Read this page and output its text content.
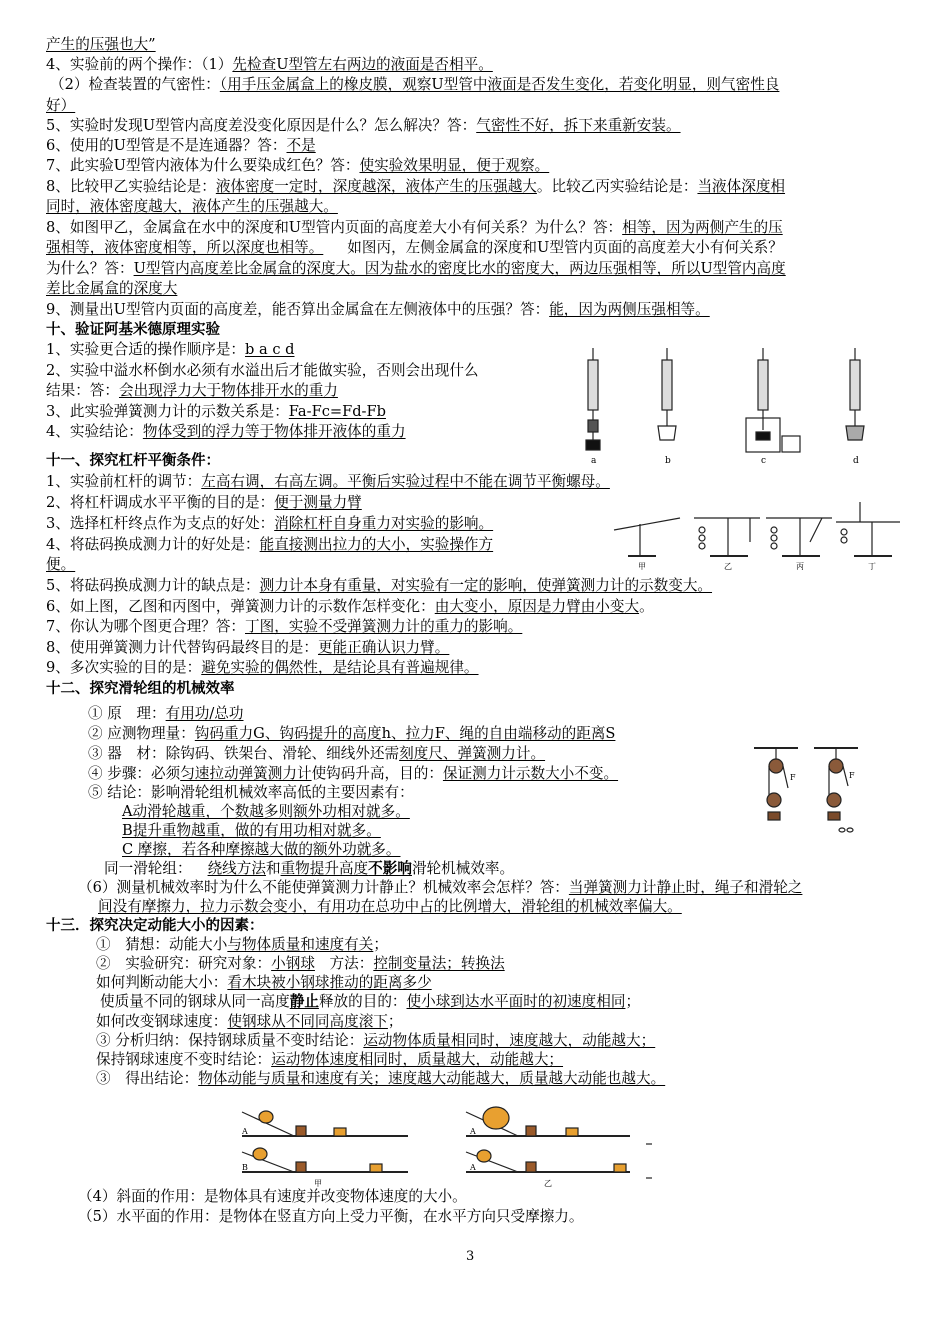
产生的压强也大”
4、实验前的两个操作：（1）先检查U型管左右两边的液面是否相平。
（2）检查装置的气密性：（用手压金属盒上的橡皮膜，观察U型管中液面是否发生变化，若变化明显，则气密性良
好）
5、实验时发现U型管内高度差没变化原因是什么？怎么解决？答：气密性不好，拆下来重新安装。
6、使用的U型管是不是连通器？答：不是
7、此实验U型管内液体为什么要染成红色？答：使实验效果明显，便于观察。
8、比较甲乙实验结论是：液体密度一定时，深度越深，液体产生的压强越大。比较乙丙实验结论是：当液体深度相
同时，液体密度越大，液体产生的压强越大。
8、如图甲乙，金属盒在水中的深度和U型管内页面的高度差大小有何关系？为什么？答：相等，因为两侧产生的压
强相等，液体密度相等，所以深度也相等。 如图丙，左侧金属盒的深度和U型管内页面的高度差大小有何关系？
为什么？答：U型管内高度差比金属盒的深度大。因为盐水的密度比水的密度大，两边压强相等，所以U型管内高度
差比金属盒的深度大
9、测量出U型管内页面的高度差，能否算出金属盒在左侧液体中的压强？答：能，因为两侧压强相等。
十、验证阿基米德原理实验
1、实验更合适的操作顺序是：b a c d
2、实验中溢水杯倒水必须有水溢出后才能做实验，否则会出现什么
结果：答：会出现浮力大于物体排开水的重力
3、此实验弹簧测力计的示数关系是：Fa-Fc=Fd-Fb
4、实验结论：物体受到的浮力等于物体排开液体的重力
a	b	c	d
十一、探究杠杆平衡条件：
1、实验前杠杆的调节：左高右调，右高左调。平衡后实验过程中不能在调节平衡螺母。
2、将杠杆调成水平平衡的目的是：便于测量力臂
3、选择杠杆终点作为支点的好处：消除杠杆自身重力对实验的影响。
4、将砝码换成测力计的好处是：能直接测出拉力的大小，实验操作方
便。	甲	乙	丙	丁
5、将砝码换成测力计的缺点是：测力计本身有重量，对实验有一定的影响，使弹簧测力计的示数变大。
6、如上图，乙图和丙图中，弹簧测力计的示数作怎样变化：由大变小，原因是力臂由小变大。
7、你认为哪个图更合理？答：丁图，实验不受弹簧测力计的重力的影响。
8、使用弹簧测力计代替钩码最终目的是：更能正确认识力臂。
9、多次实验的目的是：避免实验的偶然性，是结论具有普遍规律。
十二、探究滑轮组的机械效率
① 原　理：有用功/总功
② 应测物理量：钩码重力G、钩码提升的高度h、拉力F、绳的自由端移动的距离S
③ 器　材：除钩码、铁架台、滑轮、细线外还需刻度尺、弹簧测力计。
④ 步骤：必须匀速拉动弹簧测力计使钩码升高，目的：保证测力计示数大小不变。
⑤ 结论：影响滑轮组机械效率高低的主要因素有：
A动滑轮越重，个数越多则额外功相对就多。
B提升重物越重，做的有用功相对就多。
C 摩擦，若各种摩擦越大做的额外功就多。
同一滑轮组： 绕线方法和重物提升高度不影响滑轮机械效率。
F	F
（6）测量机械效率时为什么不能使弹簧测力计静止？机械效率会怎样？答：当弹簧测力计静止时，绳子和滑轮之
间没有摩擦力，拉力示数会变小，有用功在总功中占的比例增大，滑轮组的机械效率偏大。
十三．探究决定动能大小的因素：
①　猜想：动能大小与物体质量和速度有关；
②　实验研究：研究对象：小钢球　方法：控制变量法；转换法
如何判断动能大小：看木块被小钢球推动的距离多少
使质量不同的钢球从同一高度静止释放的目的：使小球到达水平面时的初速度相同；
如何改变钢球速度：使钢球从不同同高度滚下；
③ 分析归纳：保持钢球质量不变时结论：运动物体质量相同时，速度越大，动能越大；
保持钢球速度不变时结论：运动物体速度相同时，质量越大，动能越大；
③　得出结论：物体动能与质量和速度有关；速度越大动能越大，质量越大动能也越大。
A
B
A
A
甲	乙
（4）斜面的作用：是物体具有速度并改变物体速度的大小。
（5）水平面的作用：是物体在竖直方向上受力平衡，在水平方向只受摩擦力。
3
